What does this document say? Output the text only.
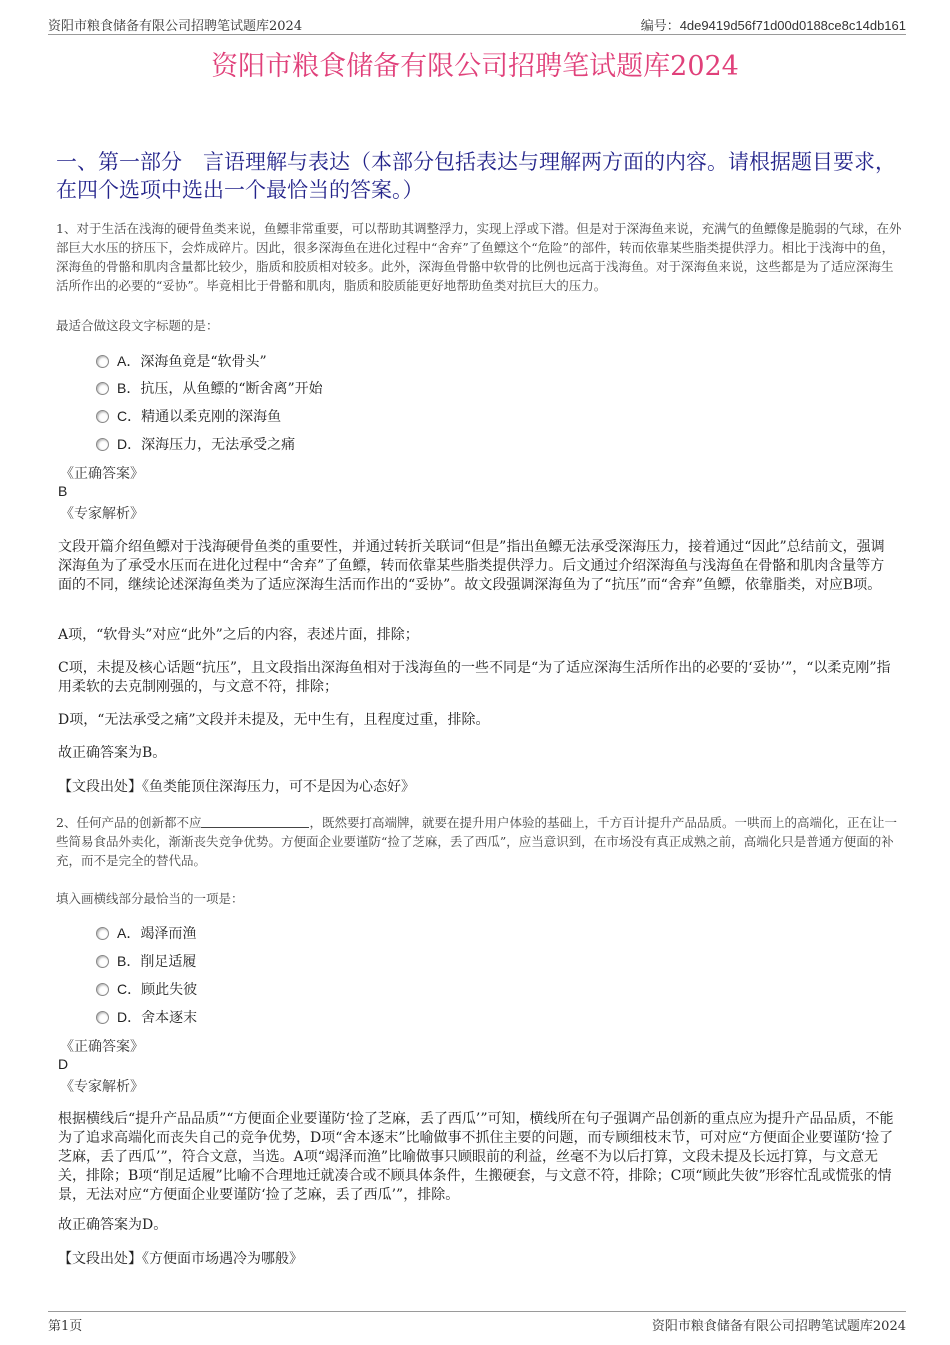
资阳市粮食储备有限公司招聘笔试题库2024	编号：4de9419d56f71d00d0188ce8c14db161
资阳市粮食储备有限公司招聘笔试题库2024
一、第一部分　言语理解与表达（本部分包括表达与理解两方面的内容。请根据题目要求，在四个选项中选出一个最恰当的答案。）
1、对于生活在浅海的硬骨鱼类来说，鱼鳔非常重要，可以帮助其调整浮力，实现上浮或下潜。但是对于深海鱼来说，充满气的鱼鳔像是脆弱的气球，在外部巨大水压的挤压下，会炸成碎片。因此，很多深海鱼在进化过程中“舍弃”了鱼鳔这个“危险”的部件，转而依靠某些脂类提供浮力。相比于浅海中的鱼，深海鱼的骨骼和肌肉含量都比较少，脂质和胶质相对较多。此外，深海鱼骨骼中软骨的比例也远高于浅海鱼。对于深海鱼来说，这些都是为了适应深海生活所作出的必要的“妥协”。毕竟相比于骨骼和肌肉，脂质和胶质能更好地帮助鱼类对抗巨大的压力。
最适合做这段文字标题的是：
A．深海鱼竟是“软骨头”
B．抗压，从鱼鳔的“断舍离”开始
C．精通以柔克刚的深海鱼
D．深海压力，无法承受之痛
《正确答案》
B
《专家解析》
文段开篇介绍鱼鳔对于浅海硬骨鱼类的重要性，并通过转折关联词“但是”指出鱼鳔无法承受深海压力，接着通过“因此”总结前文，强调深海鱼为了承受水压而在进化过程中“舍弃”了鱼鳔，转而依靠某些脂类提供浮力。后文通过介绍深海鱼与浅海鱼在骨骼和肌肉含量等方面的不同，继续论述深海鱼类为了适应深海生活而作出的“妥协”。故文段强调深海鱼为了“抗压”而“舍弃”鱼鳔，依靠脂类，对应B项。
A项，“软骨头”对应“此外”之后的内容，表述片面，排除；
C项，未提及核心话题“抗压”，且文段指出深海鱼相对于浅海鱼的一些不同是“为了适应深海生活所作出的必要的‘妥协’”，“以柔克刚”指用柔软的去克制刚强的，与文意不符，排除；
D项，“无法承受之痛”文段并未提及，无中生有，且程度过重，排除。
故正确答案为B。
【文段出处】《鱼类能顶住深海压力，可不是因为心态好》
2、任何产品的创新都不应	，既然要打高端牌，就要在提升用户体验的基础上，千方百计提升产品品质。一哄而上的高端化，正在让一些简易食品外卖化，渐渐丧失竞争优势。方便面企业要谨防“捡了芝麻，丢了西瓜”，应当意识到，在市场没有真正成熟之前，高端化只是普通方便面的补充，而不是完全的替代品。
填入画横线部分最恰当的一项是：
A．竭泽而渔
B．削足适履
C．顾此失彼
D．舍本逐末
《正确答案》
D
《专家解析》
根据横线后“提升产品品质”“方便面企业要谨防‘捡了芝麻，丢了西瓜’”可知，横线所在句子强调产品创新的重点应为提升产品品质，不能为了追求高端化而丧失自己的竞争优势，D项“舍本逐末”比喻做事不抓住主要的问题，而专顾细枝末节，可对应“方便面企业要谨防‘捡了芝麻，丢了西瓜’”，符合文意，当选。A项“竭泽而渔”比喻做事只顾眼前的利益，丝毫不为以后打算，文段未提及长远打算，与文意无关，排除；B项“削足适履”比喻不合理地迁就凑合或不顾具体条件，生搬硬套，与文意不符，排除；C项“顾此失彼”形容忙乱或慌张的情景，无法对应“方便面企业要谨防‘捡了芝麻，丢了西瓜’”，排除。
故正确答案为D。
【文段出处】《方便面市场遇冷为哪般》
第1页	资阳市粮食储备有限公司招聘笔试题库2024
